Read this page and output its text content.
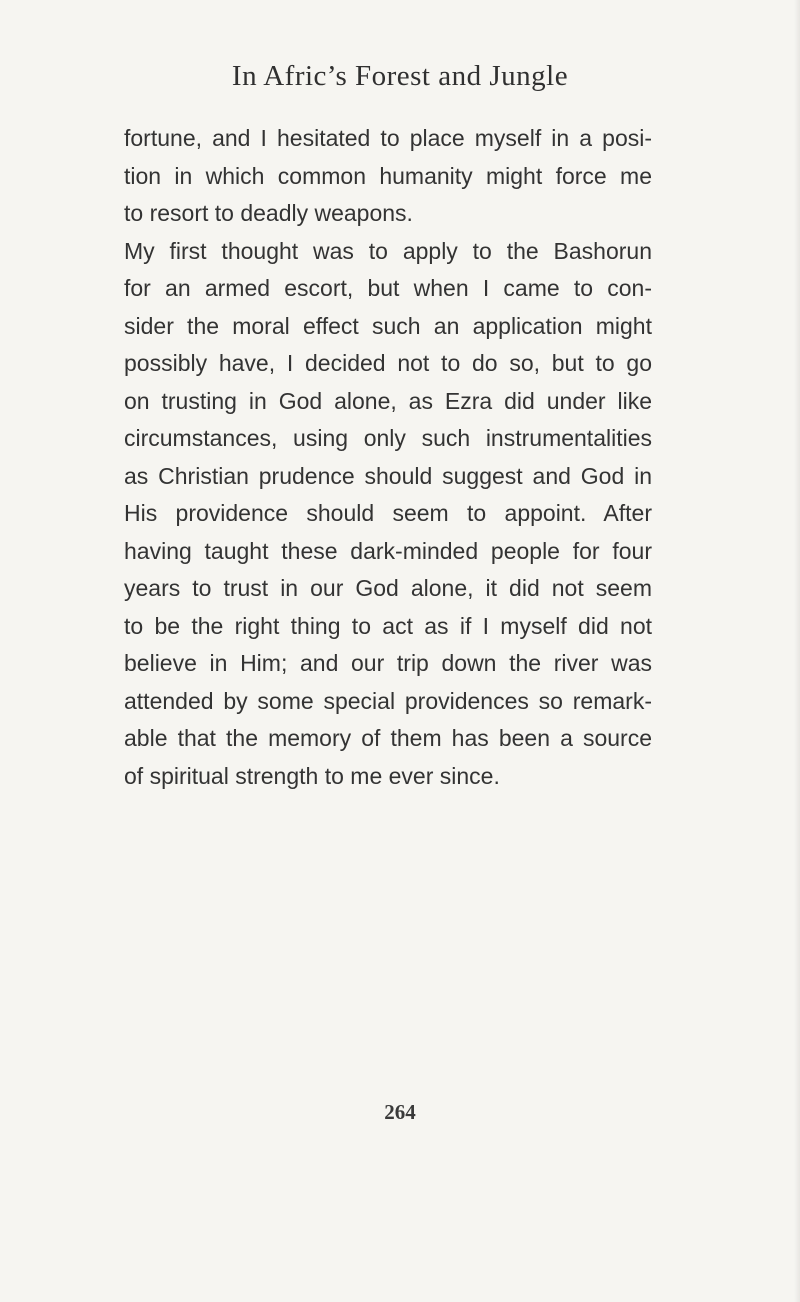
In Afric’s Forest and Jungle
fortune, and I hesitated to place myself in a posi-
tion in which common humanity might force me
to resort to deadly weapons.
My first thought was to apply to the Bashorun
for an armed escort, but when I came to con-
sider the moral effect such an application might
possibly have, I decided not to do so, but to go
on trusting in God alone, as Ezra did under like
circumstances, using only such instrumentalities
as Christian prudence should suggest and God in
His providence should seem to appoint. After
having taught these dark-minded people for four
years to trust in our God alone, it did not seem
to be the right thing to act as if I myself did not
believe in Him; and our trip down the river was
attended by some special providences so remark-
able that the memory of them has been a source
of spiritual strength to me ever since.
264
